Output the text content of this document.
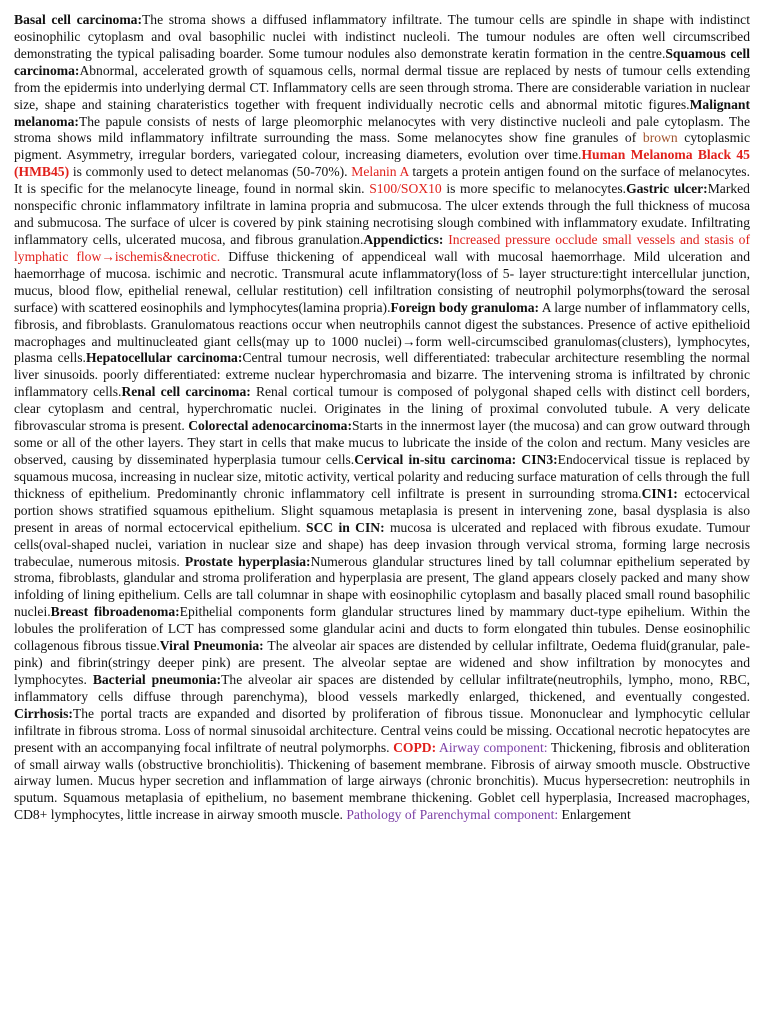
Basal cell carcinoma:The stroma shows a diffused inflammatory infiltrate. The tumour cells are spindle in shape with indistinct eosinophilic cytoplasm and oval basophilic nuclei with indistinct nucleoli. The tumour nodules are often well circumscribed demonstrating the typical palisading boarder. Some tumour nodules also demonstrate keratin formation in the centre.Squamous cell carcinoma:Abnormal, accelerated growth of squamous cells, normal dermal tissue are replaced by nests of tumour cells extending from the epidermis into underlying dermal CT. Inflammatory cells are seen through stroma. There are considerable variation in nuclear size, shape and staining charateristics together with frequent individually necrotic cells and abnormal mitotic figures.Malignant melanoma:The papule consists of nests of large pleomorphic melanocytes with very distinctive nucleoli and pale cytoplasm. The stroma shows mild inflammatory infiltrate surrounding the mass. Some melanocytes show fine granules of brown cytoplasmic pigment. Asymmetry, irregular borders, variegated colour, increasing diameters, evolution over time.Human Melanoma Black 45 (HMB45) is commonly used to detect melanomas (50-70%). Melanin A targets a protein antigen found on the surface of melanocytes. It is specific for the melanocyte lineage, found in normal skin. S100/SOX10 is more specific to melanocytes.Gastric ulcer:Marked nonspecific chronic inflammatory infiltrate in lamina propria and submucosa. The ulcer extends through the full thickness of mucosa and submucosa. The surface of ulcer is covered by pink staining necrotising slough combined with inflammatory exudate. Infiltrating inflammatory cells, ulcerated mucosa, and fibrous granulation.Appendictics: Increased pressure occlude small vessels and stasis of lymphatic flow→ischemis&necrotic. Diffuse thickening of appendiceal wall with mucosal haemorrhage. Mild ulceration and haemorrhage of mucosa. ischimic and necrotic. Transmural acute inflammatory(loss of 5- layer structure:tight intercellular junction, mucus, blood flow, epithelial renewal, cellular restitution) cell infiltration consisting of neutrophil polymorphs(toward the serosal surface) with scattered eosinophils and lymphocytes(lamina propria).Foreign body granuloma: A large number of inflammatory cells, fibrosis, and fibroblasts. Granulomatous reactions occur when neutrophils cannot digest the substances. Presence of active epithelioid macrophages and multinucleated giant cells(may up to 1000 nuclei)→form well-circumscibed granulomas(clusters), lymphocytes, plasma cells.Hepatocellular carcinoma:Central tumour necrosis, well differentiated: trabecular architecture resembling the normal liver sinusoids. poorly differentiated: extreme nuclear hyperchromasia and bizarre. The intervening stroma is infiltrated by chronic inflammatory cells.Renal cell carcinoma: Renal cortical tumour is composed of polygonal shaped cells with distinct cell borders, clear cytoplasm and central, hyperchromatic nuclei. Originates in the lining of proximal convoluted tubule. A very delicate fibrovascular stroma is present. Colorectal adenocarcinoma:Starts in the innermost layer (the mucosa) and can grow outward through some or all of the other layers. They start in cells that make mucus to lubricate the inside of the colon and rectum. Many vesicles are observed, causing by disseminated hyperplasia tumour cells.Cervical in-situ carcinoma: CIN3:Endocervical tissue is replaced by squamous mucosa, increasing in nuclear size, mitotic activity, vertical polarity and reducing surface maturation of cells through the full thickness of epithelium. Predominantly chronic inflammatory cell infiltrate is present in surrounding stroma.CIN1: ectocervical portion shows stratified squamous epithelium. Slight squamous metaplasia is present in intervening zone, basal dysplasia is also present in areas of normal ectocervical epithelium. SCC in CIN: mucosa is ulcerated and replaced with fibrous exudate. Tumour cells(oval-shaped nuclei, variation in nuclear size and shape) has deep invasion through vervical stroma, forming large necrosis trabeculae, numerous mitosis. Prostate hyperplasia:Numerous glandular structures lined by tall columnar epithelium seperated by stroma, fibroblasts, glandular and stroma proliferation and hyperplasia are present, The gland appears closely packed and many show infolding of lining epithelium. Cells are tall columnar in shape with eosinophilic cytoplasm and basally placed small round basophilic nuclei.Breast fibroadenoma:Epithelial components form glandular structures lined by mammary duct-type epihelium. Within the lobules the proliferation of LCT has compressed some glandular acini and ducts to form elongated thin tubules. Dense eosinophilic collagenous fibrous tissue.Viral Pneumonia: The alveolar air spaces are distended by cellular infiltrate, Oedema fluid(granular, pale-pink) and fibrin(stringy deeper pink) are present. The alveolar septae are widened and show infiltration by monocytes and lymphocytes. Bacterial pneumonia:The alveolar air spaces are distended by cellular infiltrate(neutrophils, lympho, mono, RBC, inflammatory cells diffuse through parenchyma), blood vessels markedly enlarged, thickened, and eventually congested. Cirrhosis:The portal tracts are expanded and disorted by proliferation of fibrous tissue. Mononuclear and lymphocytic cellular infiltrate in fibrous stroma. Loss of normal sinusoidal architecture. Central veins could be missing. Occational necrotic hepatocytes are present with an accompanying focal infiltrate of neutral polymorphs. COPD: Airway component: Thickening, fibrosis and obliteration of small airway walls (obstructive bronchiolitis). Thickening of basement membrane. Fibrosis of airway smooth muscle. Obstructive airway lumen. Mucus hyper secretion and inflammation of large airways (chronic bronchitis). Mucus hypersecretion: neutrophils in sputum. Squamous metaplasia of epithelium, no basement membrane thickening. Goblet cell hyperplasia, Increased macrophages, CD8+ lymphocytes, little increase in airway smooth muscle. Pathology of Parenchymal component: Enlargement
